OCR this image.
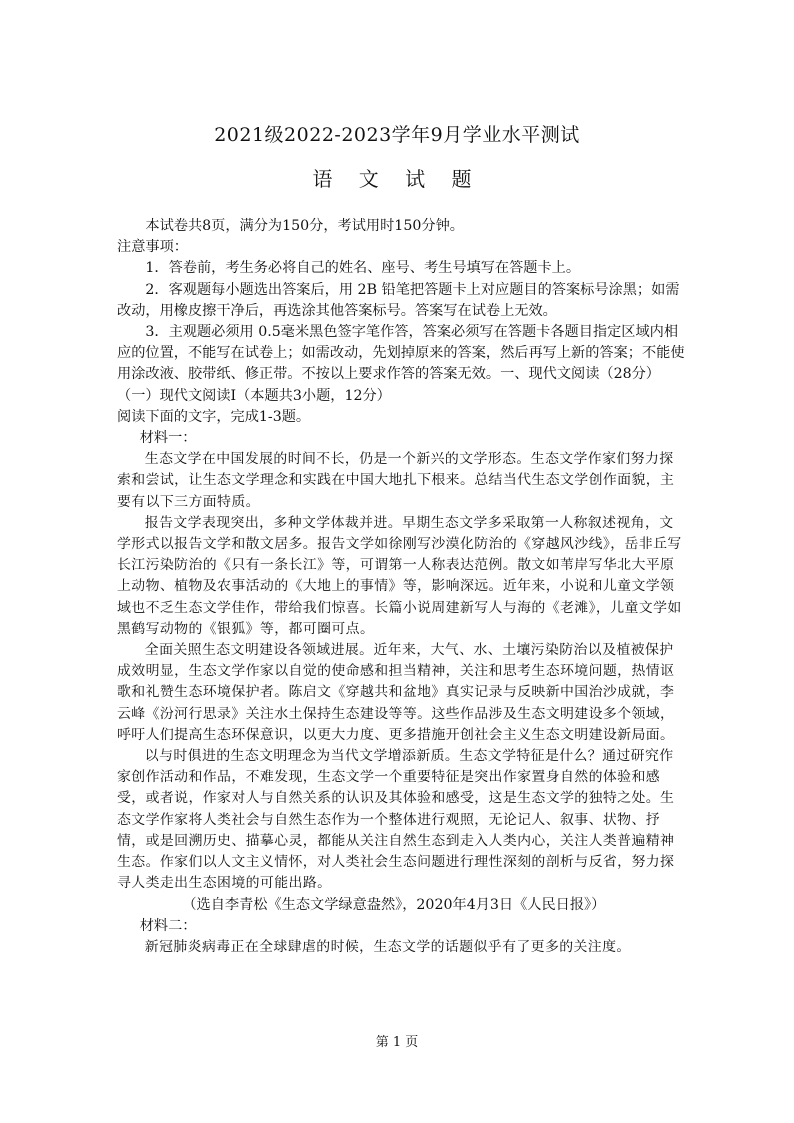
2021级2022-2023学年9月学业水平测试
语 文 试 题

本试卷共8页，满分为150分，考试用时150分钟。

注意事项：

1．答卷前，考生务必将自己的姓名、座号、考生号填写在答题卡上。

2．客观题每小题选出答案后，用 2B 铅笔把答题卡上对应题目的答案标号涂黑；如需改动，用橡皮擦干净后，再选涂其他答案标号。答案写在试卷上无效。

3．主观题必须用 0.5毫米黑色签字笔作答，答案必须写在答题卡各题目指定区域内相应的位置，不能写在试卷上；如需改动，先划掉原来的答案，然后再写上新的答案；不能使用涂改液、胶带纸、修正带。不按以上要求作答的答案无效。一、现代文阅读（28分）

（一）现代文阅读Ⅰ（本题共3小题，12分）

阅读下面的文字，完成1-3题。

材料一：

生态文学在中国发展的时间不长，仍是一个新兴的文学形态。生态文学作家们努力探索和尝试，让生态文学理念和实践在中国大地扎下根来。总结当代生态文学创作面貌，主要有以下三方面特质。

报告文学表现突出，多种文学体裁并进。早期生态文学多采取第一人称叙述视角，文学形式以报告文学和散文居多。报告文学如徐刚写沙漠化防治的《穿越风沙线》，岳非丘写长江污染防治的《只有一条长江》等，可谓第一人称表达范例。散文如苇岸写华北大平原上动物、植物及农事活动的《大地上的事情》等，影响深远。近年来，小说和儿童文学领域也不乏生态文学佳作，带给我们惊喜。长篇小说周建新写人与海的《老滩》，儿童文学如黑鹤写动物的《银狐》等，都可圈可点。

全面关照生态文明建设各领域进展。近年来，大气、水、土壤污染防治以及植被保护成效明显，生态文学作家以自觉的使命感和担当精神，关注和思考生态环境问题，热情讴歌和礼赞生态环境保护者。陈启文《穿越共和盆地》真实记录与反映新中国治沙成就，李云峰《汾河行思录》关注水土保持生态建设等等。这些作品涉及生态文明建设多个领域，呼吁人们提高生态环保意识，以更大力度、更多措施开创社会主义生态文明建设新局面。

以与时俱进的生态文明理念为当代文学增添新质。生态文学特征是什么？通过研究作家创作活动和作品，不难发现，生态文学一个重要特征是突出作家置身自然的体验和感受，或者说，作家对人与自然关系的认识及其体验和感受，这是生态文学的独特之处。生态文学作家将人类社会与自然生态作为一个整体进行观照，无论记人、叙事、状物、抒情，或是回溯历史、描摹心灵，都能从关注自然生态到走入人类内心，关注人类普遍精神生态。作家们以人文主义情怀，对人类社会生态问题进行理性深刻的剖析与反省，努力探寻人类走出生态困境的可能出路。

（选自李青松《生态文学绿意盎然》，2020年4月3日《人民日报》）

材料二：

新冠肺炎病毒正在全球肆虐的时候，生态文学的话题似乎有了更多的关注度。

第 1 页
